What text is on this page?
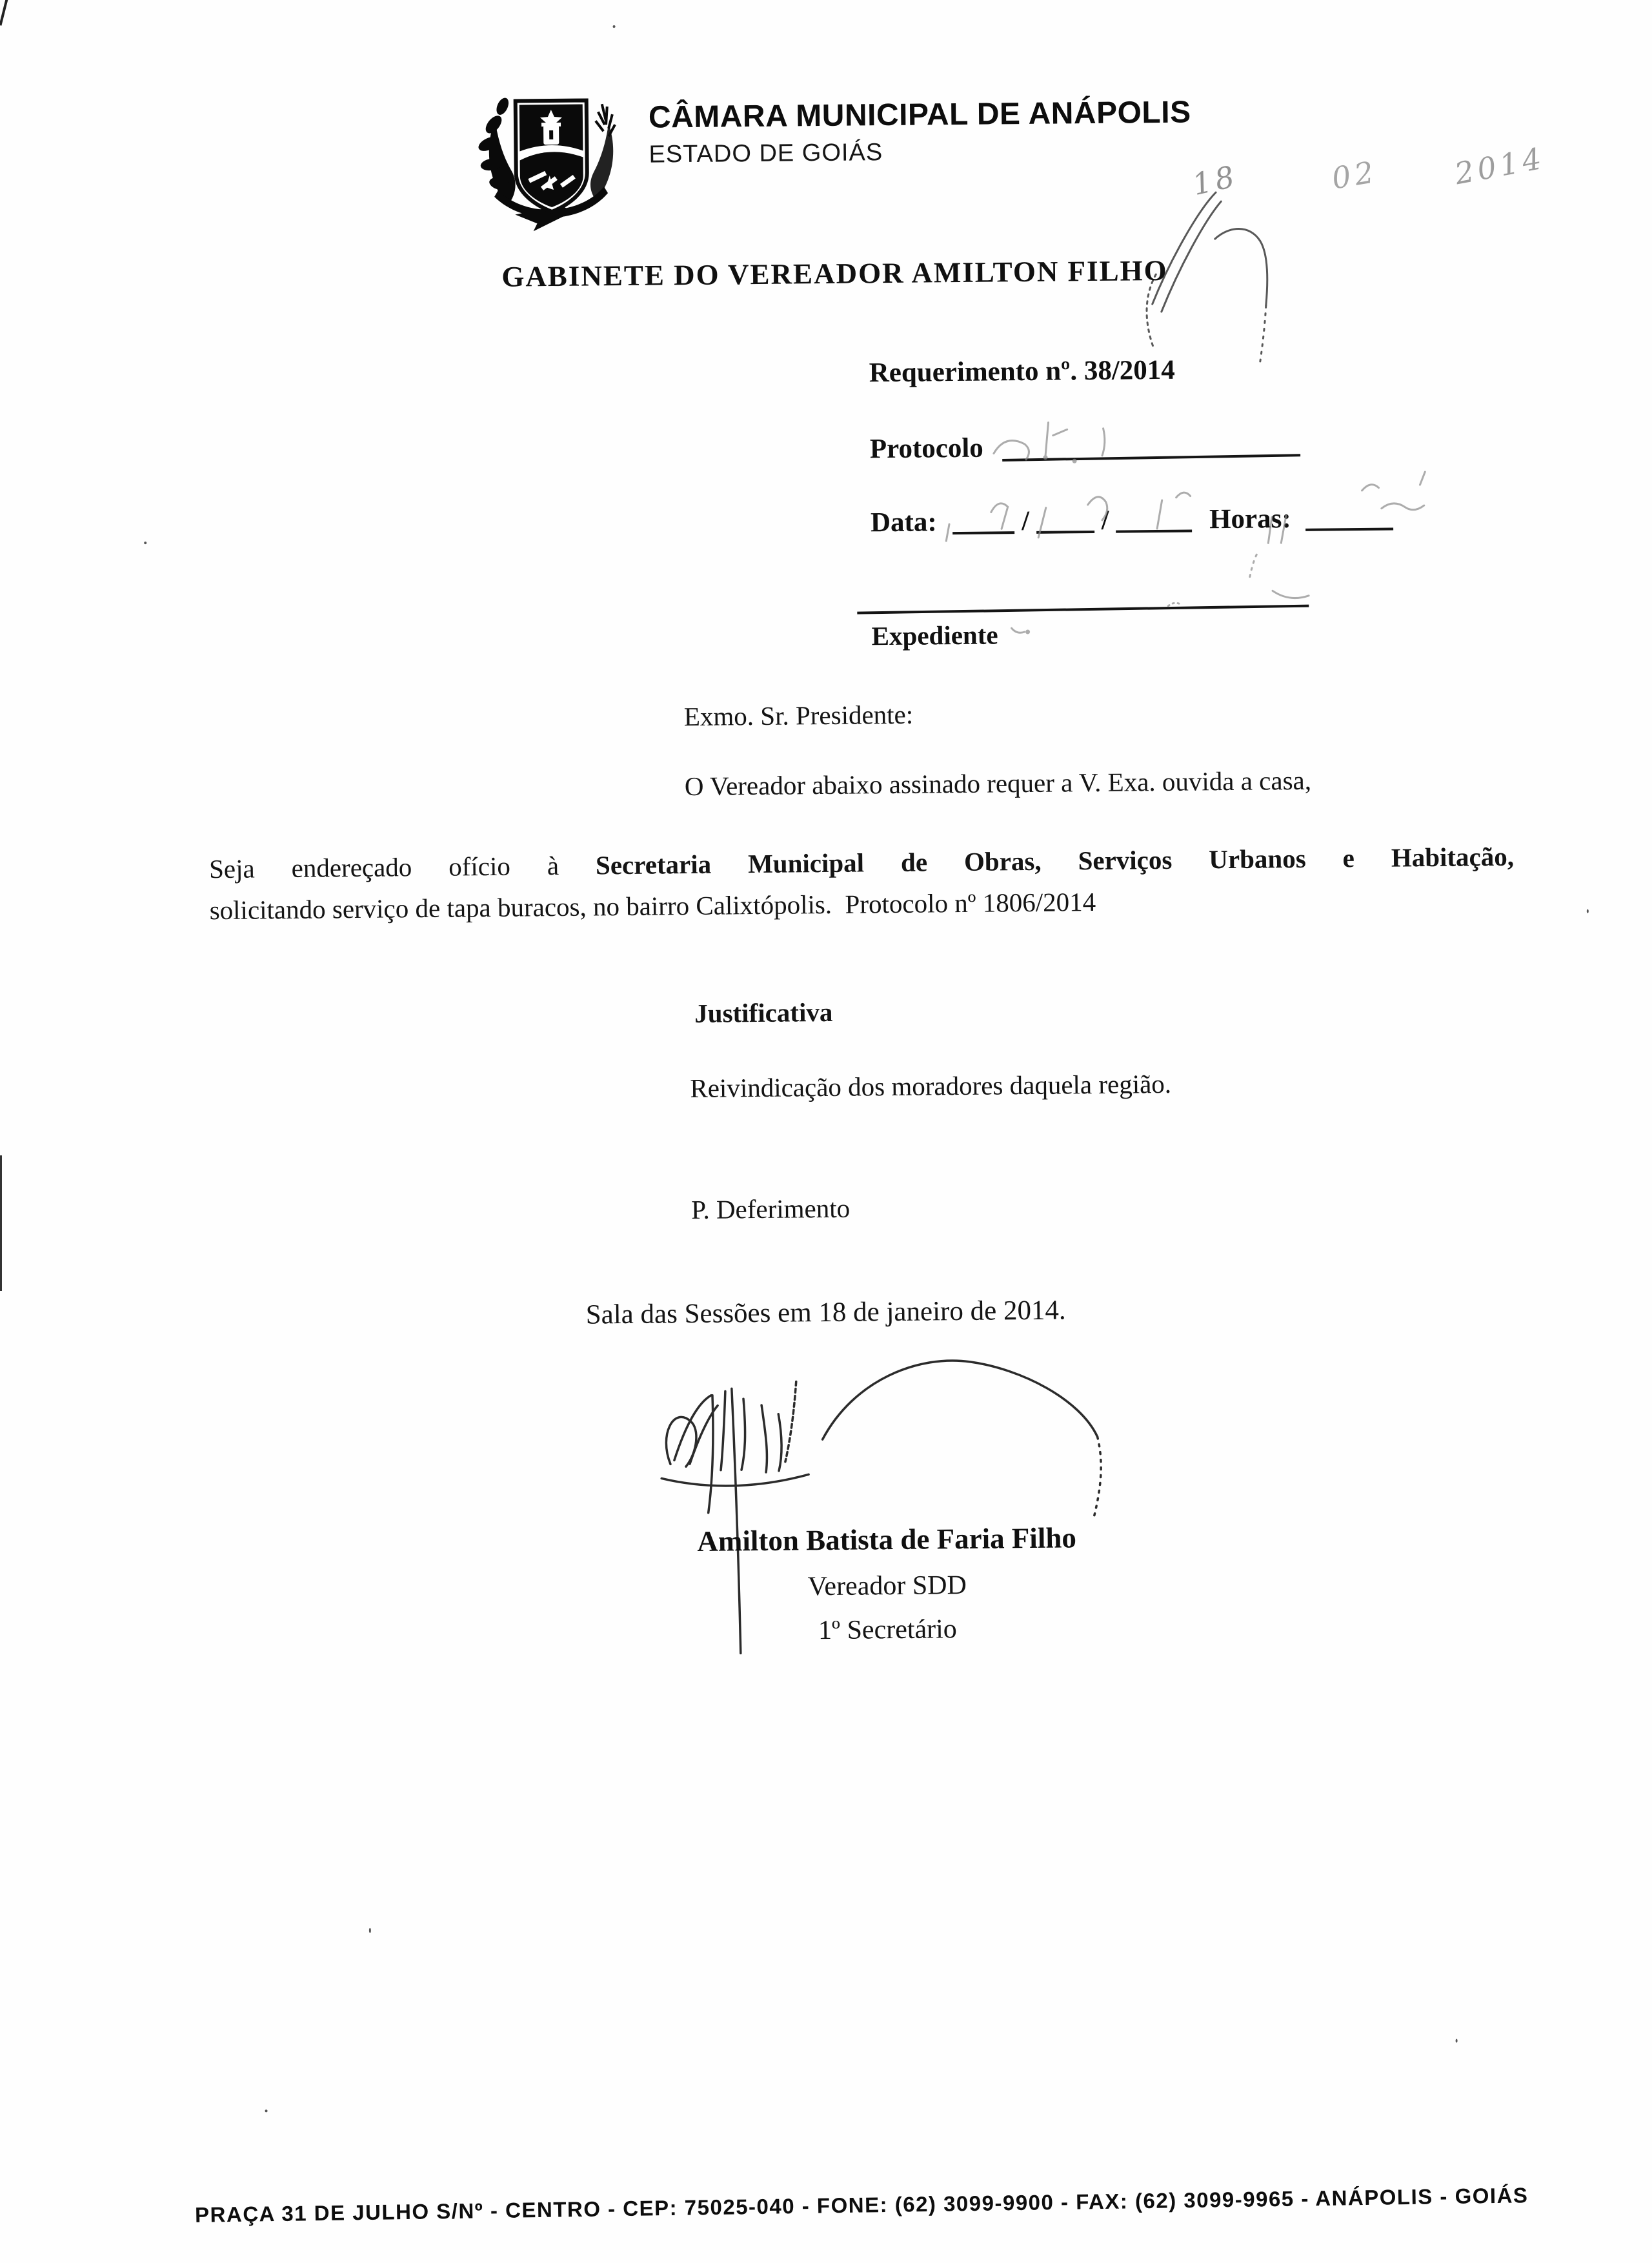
CÂMARA MUNICIPAL DE ANÁPOLIS
ESTADO DE GOIÁS
18	02 2014
GABINETE DO VEREADOR AMILTON FILHO
Requerimento nº. 38/2014
Protocolo
Data:	/	/	Horas:
Expediente
Exmo. Sr. Presidente:
O Vereador abaixo assinado requer a V. Exa. ouvida a casa,
Seja endereçado ofício à Secretaria Municipal de Obras, Serviços Urbanos e Habitação,
solicitando serviço de tapa buracos, no bairro Calixtópolis.  Protocolo nº 1806/2014
Justificativa
Reivindicação dos moradores daquela região.
P. Deferimento
Sala das Sessões em 18 de janeiro de 2014.
Amilton Batista de Faria Filho
Vereador SDD
1º Secretário
PRAÇA 31 DE JULHO S/Nº - CENTRO - CEP: 75025-040 - FONE: (62) 3099-9900 - FAX: (62) 3099-9965 - ANÁPOLIS - GOIÁS
